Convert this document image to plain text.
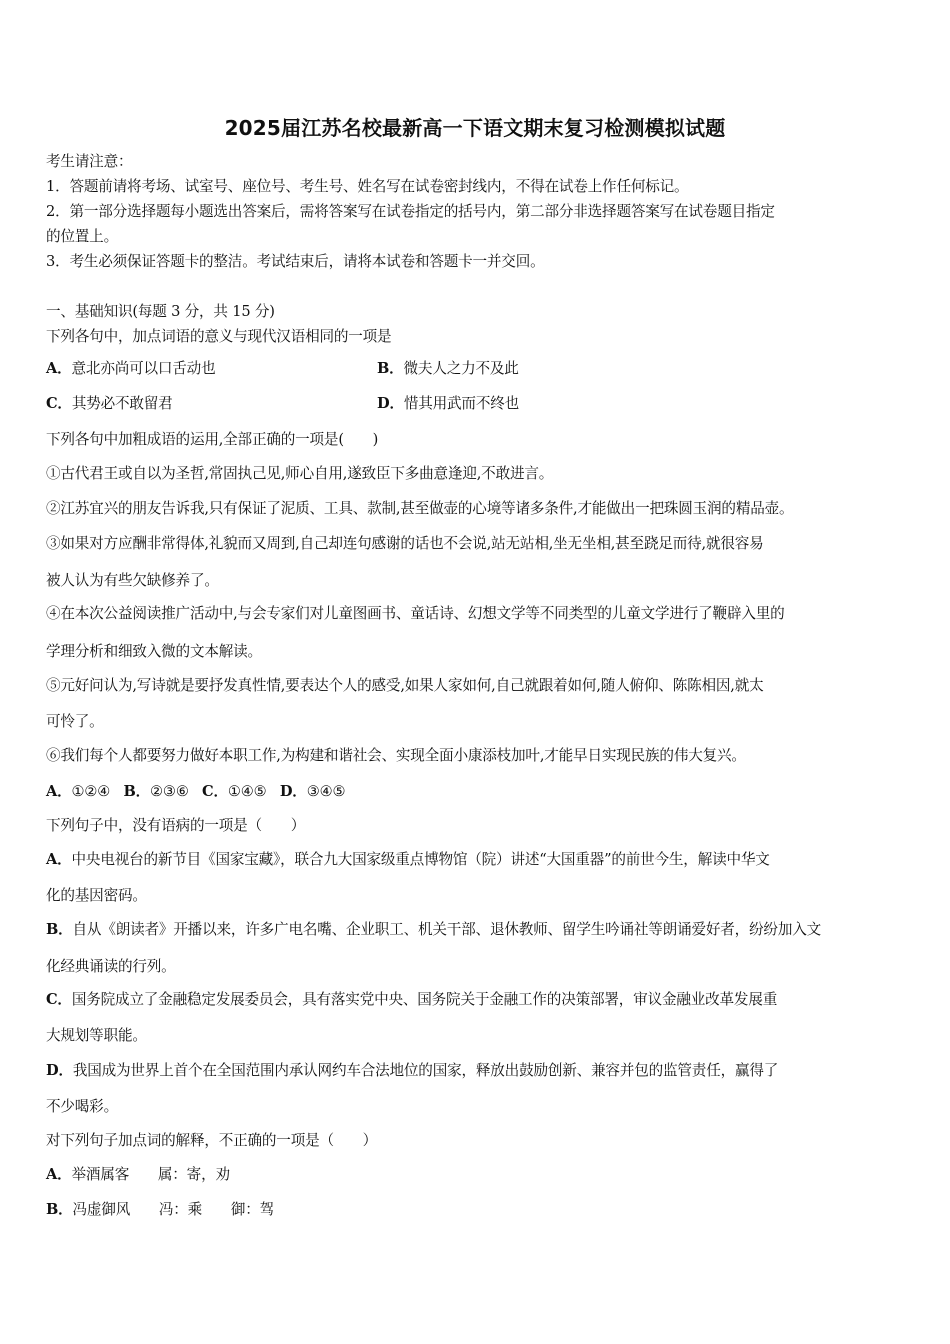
2025届江苏名校最新高一下语文期末复习检测模拟试题
考生请注意：
1．答题前请将考场、试室号、座位号、考生号、姓名写在试卷密封线内，不得在试卷上作任何标记。
2．第一部分选择题每小题选出答案后，需将答案写在试卷指定的括号内，第二部分非选择题答案写在试卷题目指定
的位置上。
3．考生必须保证答题卡的整洁。考试结束后，请将本试卷和答题卡一并交回。
一、基础知识(每题 3 分，共 15 分)
下列各句中，加点词语的意义与现代汉语相同的一项是
A．意北亦尚可以口舌动也	B．微夫人之力不及此
C．其势必不敢留君	D．惜其用武而不终也
下列各句中加粗成语的运用,全部正确的一项是(　　)
①古代君王或自以为圣哲,常固执己见,师心自用,遂致臣下多曲意逢迎,不敢进言。
②江苏宜兴的朋友告诉我,只有保证了泥质、工具、款制,甚至做壶的心境等诸多条件,才能做出一把珠圆玉润的精品壶。
③如果对方应酬非常得体,礼貌而又周到,自己却连句感谢的话也不会说,站无站相,坐无坐相,甚至跷足而待,就很容易
被人认为有些欠缺修养了。
④在本次公益阅读推广活动中,与会专家们对儿童图画书、童话诗、幻想文学等不同类型的儿童文学进行了鞭辟入里的
学理分析和细致入微的文本解读。
⑤元好问认为,写诗就是要抒发真性情,要表达个人的感受,如果人家如何,自己就跟着如何,随人俯仰、陈陈相因,就太
可怜了。
⑥我们每个人都要努力做好本职工作,为构建和谐社会、实现全面小康添枝加叶,才能早日实现民族的伟大复兴。
A．①②④ B．②③⑥ C．①④⑤ D．③④⑤
下列句子中，没有语病的一项是（　　）
A．中央电视台的新节目《国家宝藏》，联合九大国家级重点博物馆（院）讲述“大国重器”的前世今生，解读中华文
化的基因密码。
B．自从《朗读者》开播以来，许多广电名嘴、企业职工、机关干部、退休教师、留学生吟诵社等朗诵爱好者，纷纷加入文
化经典诵读的行列。
C．国务院成立了金融稳定发展委员会，具有落实党中央、国务院关于金融工作的决策部署，审议金融业改革发展重
大规划等职能。
D．我国成为世界上首个在全国范围内承认网约车合法地位的国家，释放出鼓励创新、兼容并包的监管责任，赢得了
不少喝彩。
对下列句子加点词的解释，不正确的一项是（　　）
A．举酒属客　　属：寄，劝
B．冯虚御风　　冯：乘　　御：驾
